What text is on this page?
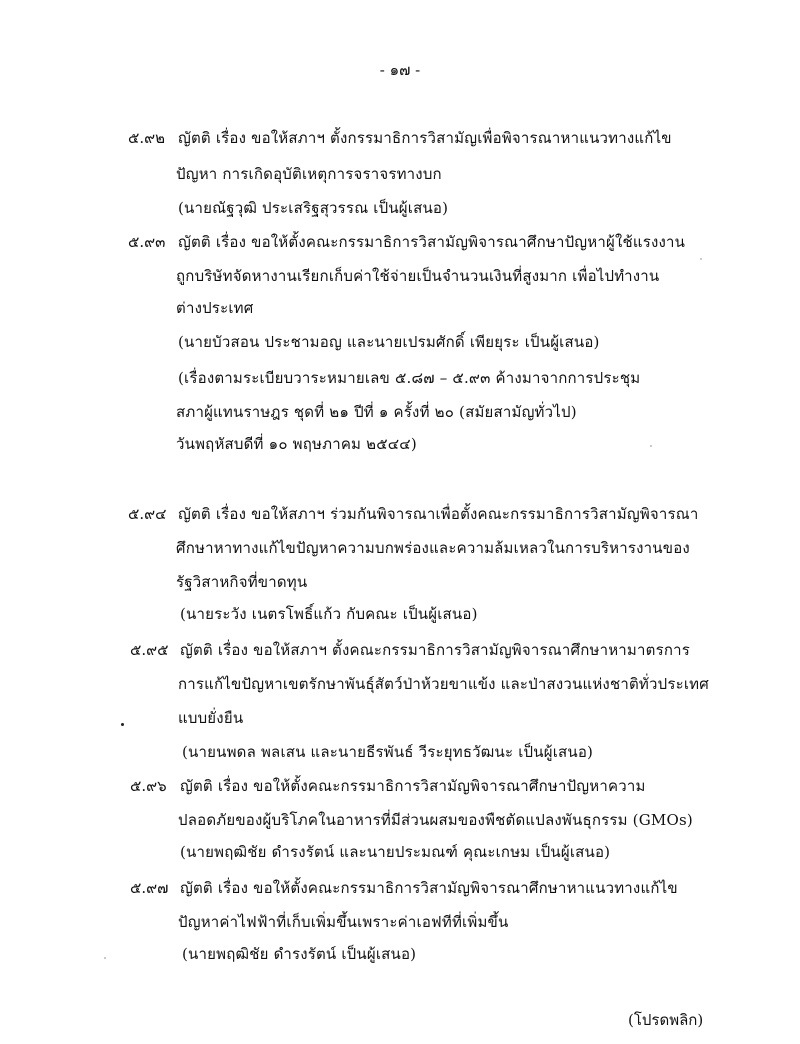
- ๑๗ -
๕.๙๒ ญัตติ เรื่อง ขอให้สภาฯ ตั้งกรรมาธิการวิสามัญเพื่อพิจารณาหาแนวทางแก้ไข
ปัญหา การเกิดอุบัติเหตุการจราจรทางบก
(นายณัฐวุฒิ ประเสริฐสุวรรณ เป็นผู้เสนอ)
๕.๙๓ ญัตติ เรื่อง ขอให้ตั้งคณะกรรมาธิการวิสามัญพิจารณาศึกษาปัญหาผู้ใช้แรงงาน
ถูกบริษัทจัดหางานเรียกเก็บค่าใช้จ่ายเป็นจำนวนเงินที่สูงมาก เพื่อไปทำงาน
ต่างประเทศ
(นายบัวสอน ประชามอญ และนายเปรมศักดิ์ เพียยุระ เป็นผู้เสนอ)
(เรื่องตามระเบียบวาระหมายเลข ๕.๘๗ – ๕.๙๓ ค้างมาจากการประชุม
สภาผู้แทนราษฎร ชุดที่ ๒๑ ปีที่ ๑ ครั้งที่ ๒๐ (สมัยสามัญทั่วไป)
วันพฤหัสบดีที่ ๑๐ พฤษภาคม ๒๕๔๔)
๕.๙๔ ญัตติ เรื่อง ขอให้สภาฯ ร่วมกันพิจารณาเพื่อตั้งคณะกรรมาธิการวิสามัญพิจารณา
ศึกษาหาทางแก้ไขปัญหาความบกพร่องและความล้มเหลวในการบริหารงานของ
รัฐวิสาหกิจที่ขาดทุน
(นายระวัง เนตรโพธิ์แก้ว กับคณะ เป็นผู้เสนอ)
๕.๙๕ ญัตติ เรื่อง ขอให้สภาฯ ตั้งคณะกรรมาธิการวิสามัญพิจารณาศึกษาหามาตรการ
การแก้ไขปัญหาเขตรักษาพันธุ์สัตว์ป่าห้วยขาแข้ง และป่าสงวนแห่งชาติทั่วประเทศ
แบบยั่งยืน
(นายนพดล พลเสน และนายธีรพันธ์ วีระยุทธวัฒนะ เป็นผู้เสนอ)
๕.๙๖ ญัตติ เรื่อง ขอให้ตั้งคณะกรรมาธิการวิสามัญพิจารณาศึกษาปัญหาความ
ปลอดภัยของผู้บริโภคในอาหารที่มีส่วนผสมของพืชตัดแปลงพันธุกรรม (GMOs)
(นายพฤฒิชัย ดำรงรัตน์ และนายประมณฑ์ คุณะเกษม เป็นผู้เสนอ)
๕.๙๗ ญัตติ เรื่อง ขอให้ตั้งคณะกรรมาธิการวิสามัญพิจารณาศึกษาหาแนวทางแก้ไข
ปัญหาค่าไฟฟ้าที่เก็บเพิ่มขึ้นเพราะค่าเอฟทีที่เพิ่มขึ้น
(นายพฤฒิชัย ดำรงรัตน์ เป็นผู้เสนอ)
(โปรดพลิก)
